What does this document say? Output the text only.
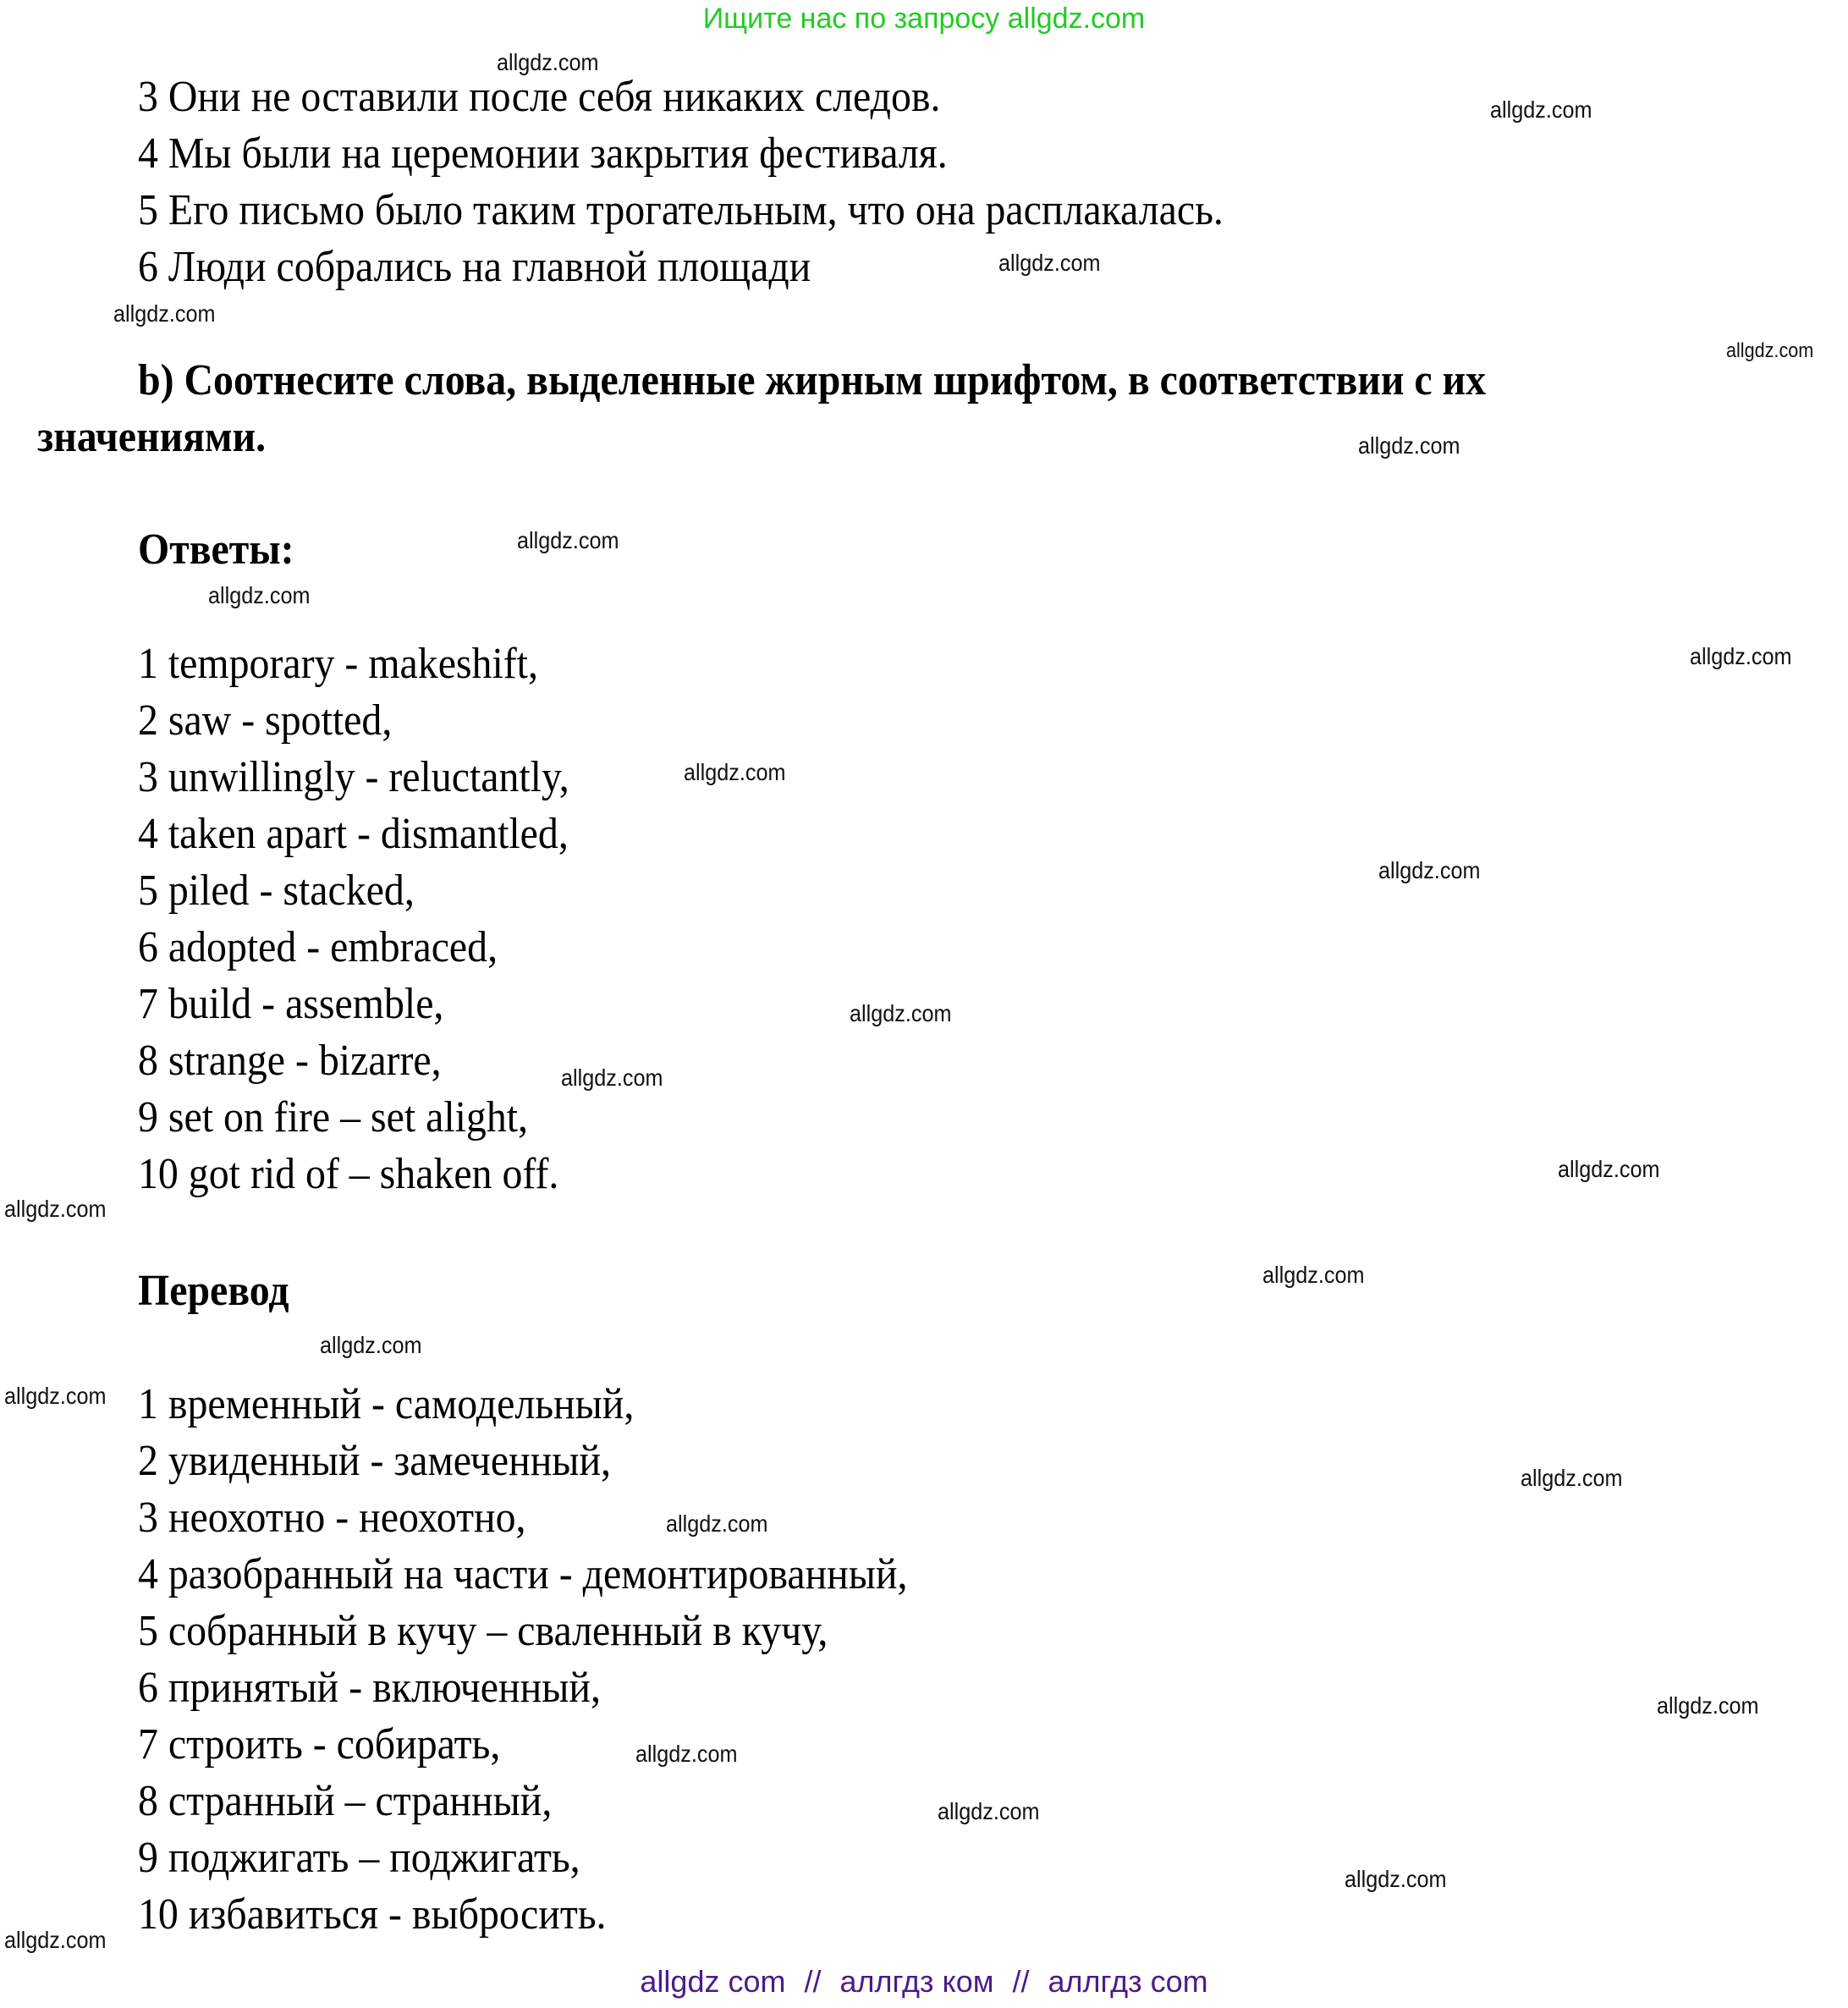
Ищите нас по запросу allgdz.com
3 Они не оставили после себя никаких следов.
4 Мы были на церемонии закрытия фестиваля.
5 Его письмо было таким трогательным, что она расплакалась.
6 Люди собрались на главной площади
b) Соотнесите слова, выделенные жирным шрифтом, в соответствии с их
значениями.
Ответы:
1 temporary - makeshift,
2 saw - spotted,
3 unwillingly - reluctantly,
4 taken apart - dismantled,
5 piled - stacked,
6 adopted - embraced,
7 build - assemble,
8 strange - bizarre,
9 set on fire – set alight,
10 got rid of – shaken off.
Перевод
1 временный - самодельный,
2 увиденный - замеченный,
3 неохотно - неохотно,
4 разобранный на части - демонтированный,
5 собранный в кучу – сваленный в кучу,
6 принятый - включенный,
7 строить - собирать,
8 странный – странный,
9 поджигать – поджигать,
10 избавиться - выбросить.
allgdz.com
allgdz.com
allgdz.com
allgdz.com
allgdz.com
allgdz.com
allgdz.com
allgdz.com
allgdz.com
allgdz.com
allgdz.com
allgdz.com
allgdz.com
allgdz.com
allgdz.com
allgdz.com
allgdz.com
allgdz.com
allgdz.com
allgdz.com
allgdz.com
allgdz.com
allgdz.com
allgdz.com
allgdz.com
allgdz com // аллгдз ком // аллгдз com
